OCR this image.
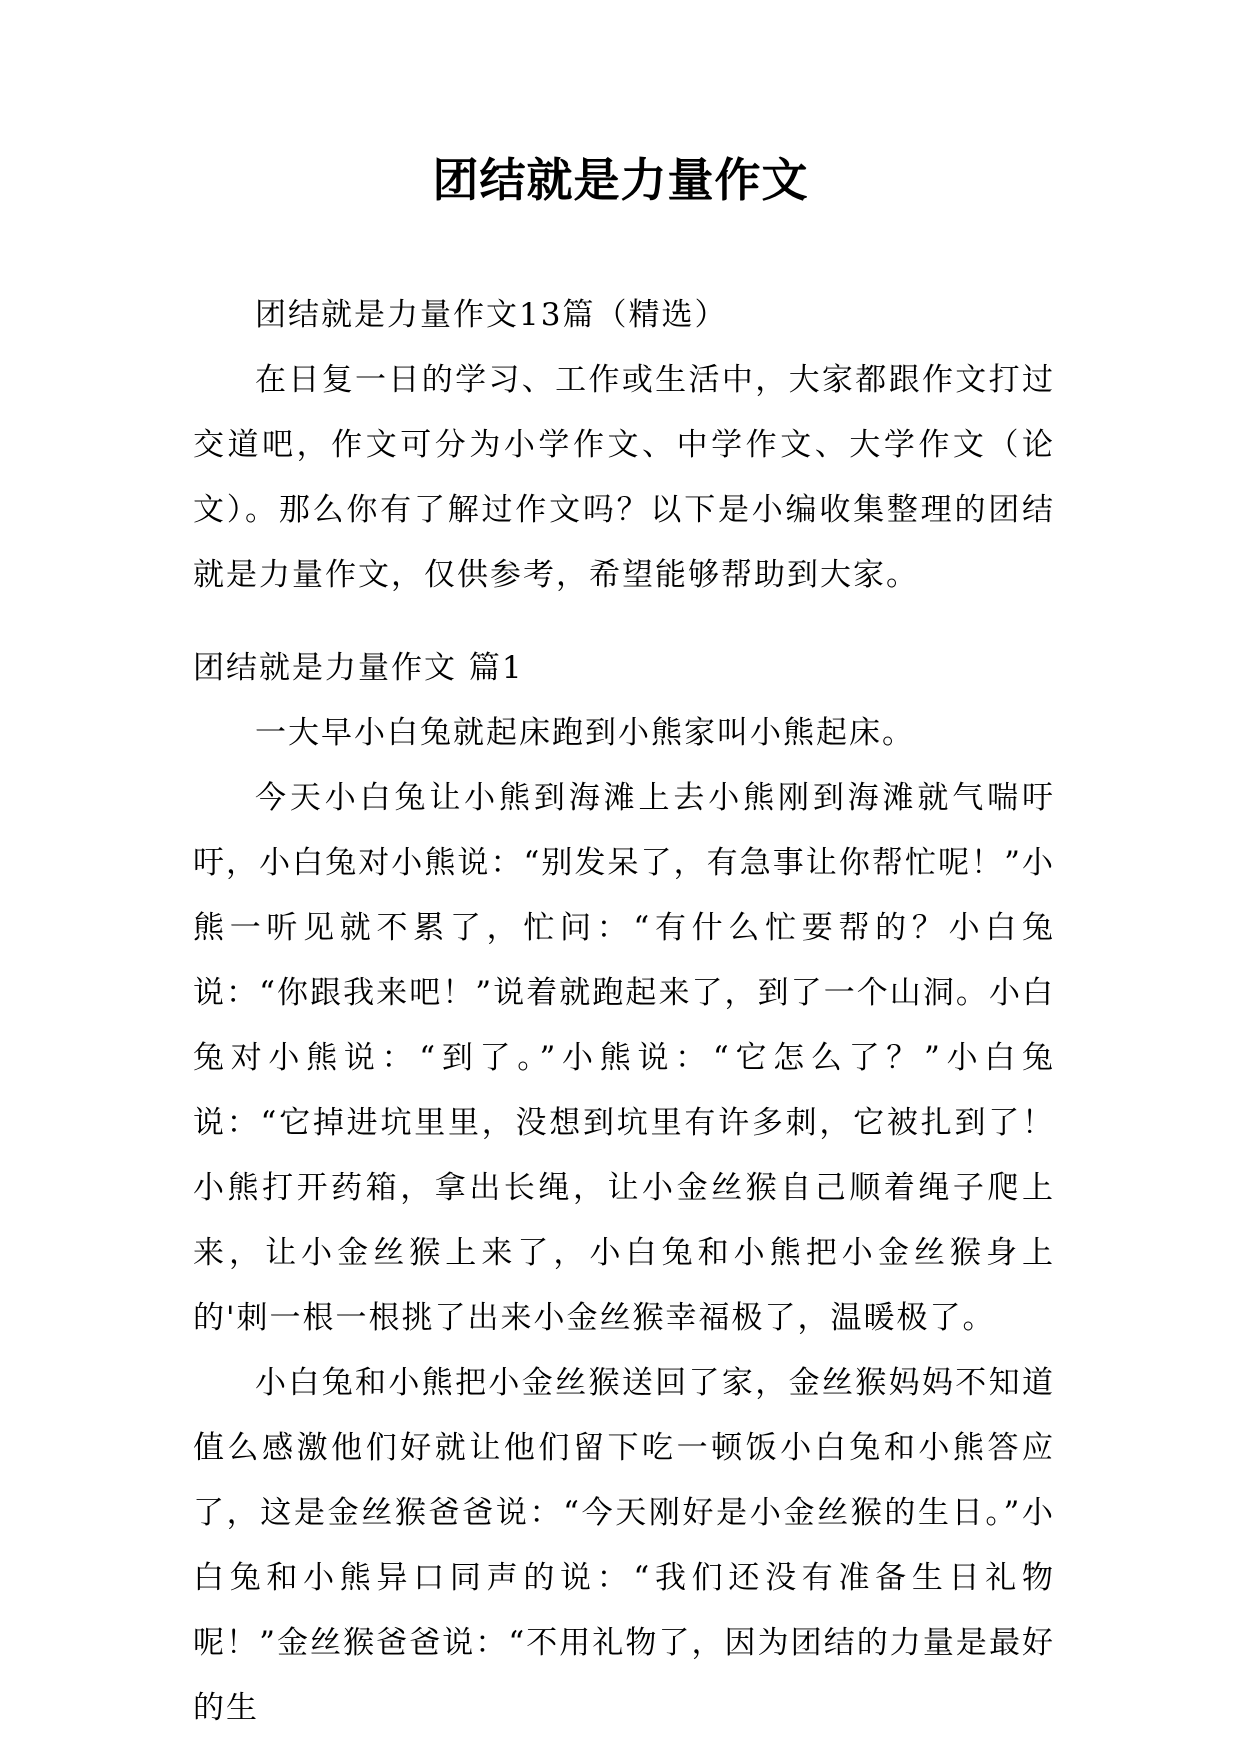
团结就是力量作文

团结就是力量作文13篇（精选）

在日复一日的学习、工作或生活中，大家都跟作文打过交道吧，作文可分为小学作文、中学作文、大学作文（论文）。那么你有了解过作文吗？以下是小编收集整理的团结就是力量作文，仅供参考，希望能够帮助到大家。

团结就是力量作文 篇1

一大早小白兔就起床跑到小熊家叫小熊起床。

今天小白兔让小熊到海滩上去小熊刚到海滩就气喘吁吁，小白兔对小熊说：“别发呆了，有急事让你帮忙呢！”小熊一听见就不累了，忙问：“有什么忙要帮的？小白兔说：“你跟我来吧！”说着就跑起来了，到了一个山洞。小白兔对小熊说：“到了。”小熊说：“它怎么了？”小白兔说：“它掉进坑里里，没想到坑里有许多刺，它被扎到了！小熊打开药箱，拿出长绳，让小金丝猴自己顺着绳子爬上来，让小金丝猴上来了，小白兔和小熊把小金丝猴身上的'刺一根一根挑了出来小金丝猴幸福极了，温暖极了。

小白兔和小熊把小金丝猴送回了家，金丝猴妈妈不知道值么感激他们好就让他们留下吃一顿饭小白兔和小熊答应了，这是金丝猴爸爸说：“今天刚好是小金丝猴的生日。”小白兔和小熊异口同声的说：“我们还没有准备生日礼物呢！”金丝猴爸爸说：“不用礼物了，因为团结的力量是最好的生
